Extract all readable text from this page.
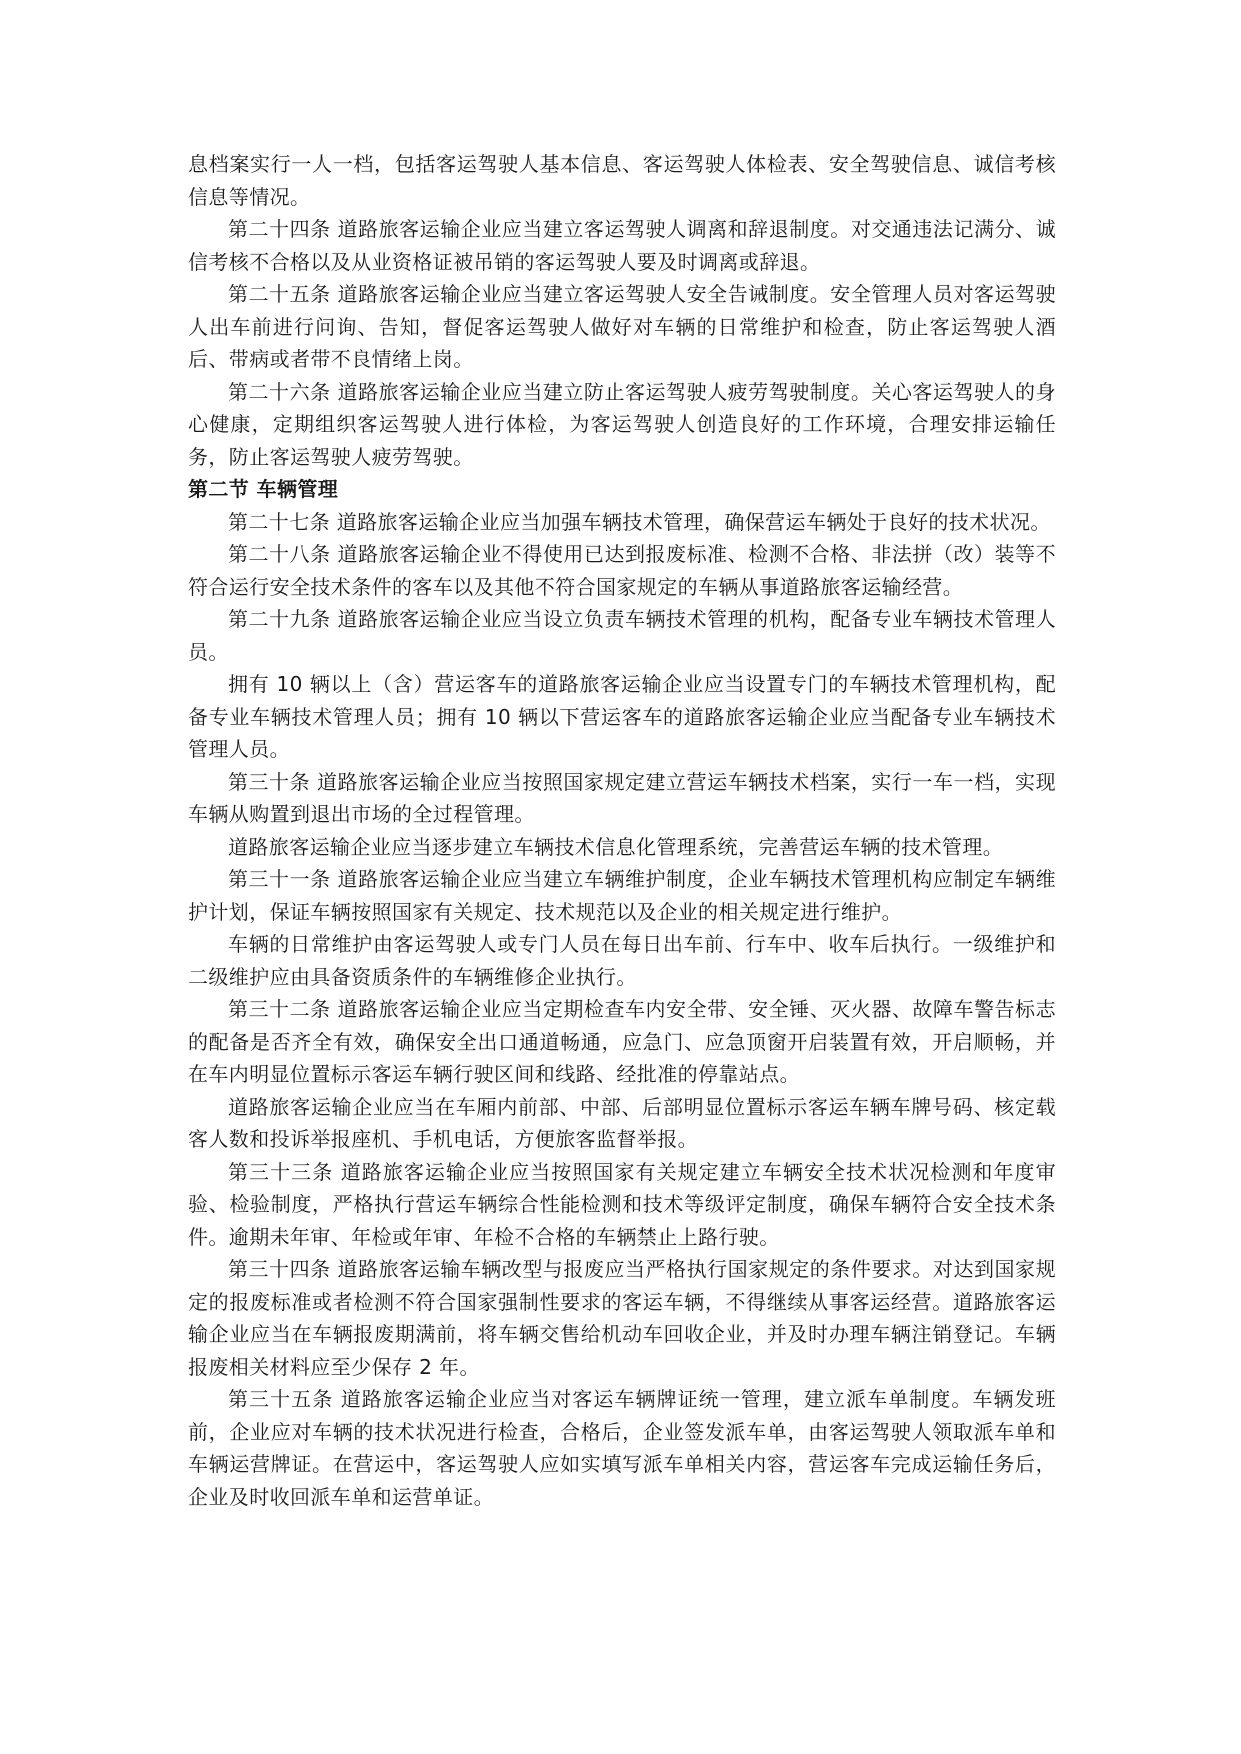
息档案实行一人一档，包括客运驾驶人基本信息、客运驾驶人体检表、安全驾驶信息、诚信考核信息等情况。

第二十四条 道路旅客运输企业应当建立客运驾驶人调离和辞退制度。对交通违法记满分、诚信考核不合格以及从业资格证被吊销的客运驾驶人要及时调离或辞退。

第二十五条 道路旅客运输企业应当建立客运驾驶人安全告诫制度。安全管理人员对客运驾驶人出车前进行问询、告知，督促客运驾驶人做好对车辆的日常维护和检查，防止客运驾驶人酒后、带病或者带不良情绪上岗。

第二十六条 道路旅客运输企业应当建立防止客运驾驶人疲劳驾驶制度。关心客运驾驶人的身心健康，定期组织客运驾驶人进行体检，为客运驾驶人创造良好的工作环境，合理安排运输任务，防止客运驾驶人疲劳驾驶。

第二节 车辆管理

第二十七条 道路旅客运输企业应当加强车辆技术管理，确保营运车辆处于良好的技术状况。

第二十八条 道路旅客运输企业不得使用已达到报废标准、检测不合格、非法拼（改）装等不符合运行安全技术条件的客车以及其他不符合国家规定的车辆从事道路旅客运输经营。

第二十九条 道路旅客运输企业应当设立负责车辆技术管理的机构，配备专业车辆技术管理人员。

拥有 10 辆以上（含）营运客车的道路旅客运输企业应当设置专门的车辆技术管理机构，配备专业车辆技术管理人员；拥有 10 辆以下营运客车的道路旅客运输企业应当配备专业车辆技术管理人员。

第三十条 道路旅客运输企业应当按照国家规定建立营运车辆技术档案，实行一车一档，实现车辆从购置到退出市场的全过程管理。

道路旅客运输企业应当逐步建立车辆技术信息化管理系统，完善营运车辆的技术管理。

第三十一条 道路旅客运输企业应当建立车辆维护制度，企业车辆技术管理机构应制定车辆维护计划，保证车辆按照国家有关规定、技术规范以及企业的相关规定进行维护。

车辆的日常维护由客运驾驶人或专门人员在每日出车前、行车中、收车后执行。一级维护和二级维护应由具备资质条件的车辆维修企业执行。

第三十二条 道路旅客运输企业应当定期检查车内安全带、安全锤、灭火器、故障车警告标志的配备是否齐全有效，确保安全出口通道畅通，应急门、应急顶窗开启装置有效，开启顺畅，并在车内明显位置标示客运车辆行驶区间和线路、经批准的停靠站点。

道路旅客运输企业应当在车厢内前部、中部、后部明显位置标示客运车辆车牌号码、核定载客人数和投诉举报座机、手机电话，方便旅客监督举报。

第三十三条 道路旅客运输企业应当按照国家有关规定建立车辆安全技术状况检测和年度审验、检验制度，严格执行营运车辆综合性能检测和技术等级评定制度，确保车辆符合安全技术条件。逾期未年审、年检或年审、年检不合格的车辆禁止上路行驶。

第三十四条 道路旅客运输车辆改型与报废应当严格执行国家规定的条件要求。对达到国家规定的报废标准或者检测不符合国家强制性要求的客运车辆，不得继续从事客运经营。道路旅客运输企业应当在车辆报废期满前，将车辆交售给机动车回收企业，并及时办理车辆注销登记。车辆报废相关材料应至少保存 2 年。

第三十五条 道路旅客运输企业应当对客运车辆牌证统一管理，建立派车单制度。车辆发班前，企业应对车辆的技术状况进行检查，合格后，企业签发派车单，由客运驾驶人领取派车单和车辆运营牌证。在营运中，客运驾驶人应如实填写派车单相关内容，营运客车完成运输任务后，企业及时收回派车单和运营单证。
